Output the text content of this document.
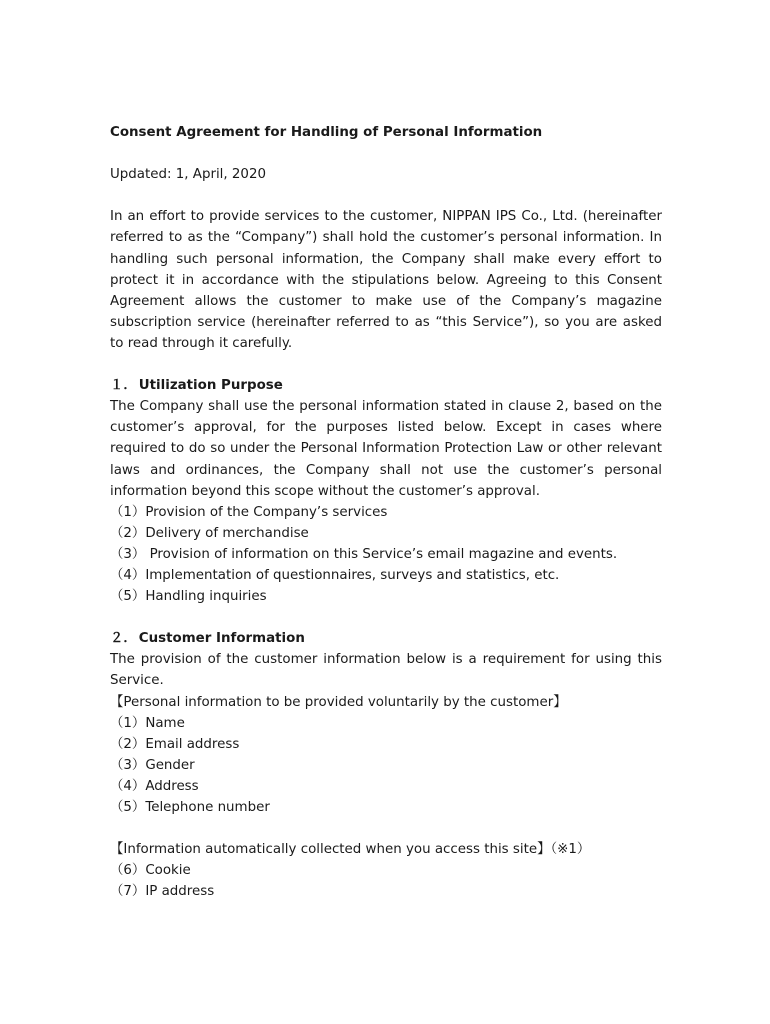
Consent Agreement for Handling of Personal Information

Updated: 1, April, 2020

In an effort to provide services to the customer, NIPPAN IPS Co., Ltd. (hereinafter referred to as the “Company”) shall hold the customer’s personal information. In handling such personal information, the Company shall make every effort to protect it in accordance with the stipulations below. Agreeing to this Consent Agreement allows the customer to make use of the Company’s magazine subscription service (hereinafter referred to as “this Service”), so you are asked to read through it carefully.

１． Utilization Purpose

The Company shall use the personal information stated in clause 2, based on the customer’s approval, for the purposes listed below. Except in cases where required to do so under the Personal Information Protection Law or other relevant laws and ordinances, the Company shall not use the customer’s personal information beyond this scope without the customer’s approval.

（1）Provision of the Company’s services

（2）Delivery of merchandise

（3） Provision of information on this Service’s email magazine and events.

（4）Implementation of questionnaires, surveys and statistics, etc.

（5）Handling inquiries

２． Customer Information

The provision of the customer information below is a requirement for using this Service.

【Personal information to be provided voluntarily by the customer】

（1）Name

（2）Email address

（3）Gender

（4）Address

（5）Telephone number

【Information automatically collected when you access this site】（※1）

（6）Cookie

（7）IP address
